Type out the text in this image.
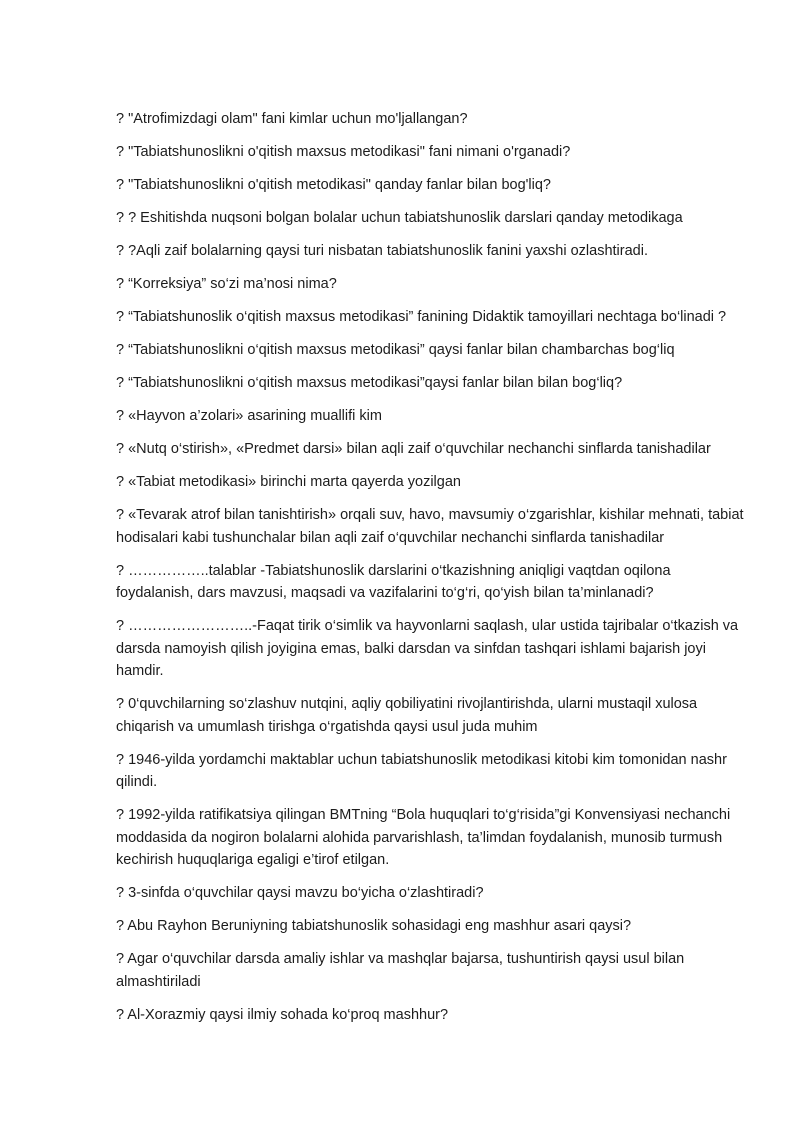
? "Atrofimizdagi olam" fani kimlar uchun mo'ljallangan?
? "Tabiatshunoslikni o'qitish maxsus metodikasi" fani nimani o'rganadi?
? "Tabiatshunoslikni o'qitish metodikasi" qanday fanlar bilan bog'liq?
? ? Eshitishda nuqsoni bolgan bolalar uchun tabiatshunoslik darslari qanday metodikaga
? ?Aqli zaif bolalarning qaysi turi nisbatan tabiatshunoslik fanini yaxshi ozlashtiradi.
? “Korreksiya” so‘zi ma’nosi nima?
? “Tabiatshunoslik o‘qitish maxsus metodikasi” fanining Didaktik tamoyillari nechtaga bo‘linadi ?
? “Tabiatshunoslikni o‘qitish maxsus metodikasi” qaysi fanlar bilan chambarchas bog‘liq
? “Tabiatshunoslikni o‘qitish maxsus metodikasi”qaysi fanlar bilan bilan bog‘liq?
? «Hayvon a’zolari» asarining muallifi kim
? «Nutq o‘stirish», «Predmet darsi» bilan aqli zaif o‘quvchilar nechanchi sinflarda tanishadilar
? «Tabiat metodikasi» birinchi marta qayerda yozilgan
? «Tevarak atrof bilan tanishtirish» orqali suv, havo, mavsumiy o‘zgarishlar, kishilar mehnati, tabiat hodisalari kabi tushunchalar bilan aqli zaif o‘quvchilar nechanchi sinflarda tanishadilar
? ……………..talablar -Tabiatshunoslik darslarini o‘tkazishning aniqligi vaqtdan oqilona foydalanish, dars mavzusi, maqsadi va vazifalarini to‘g‘ri, qo‘yish bilan ta’minlanadi?
? ……………………..-Faqat tirik o‘simlik va hayvonlarni saqlash, ular ustida tajribalar o‘tkazish va darsda namoyish qilish joyigina emas, balki darsdan va sinfdan tashqari ishlami bajarish joyi hamdir.
? 0‘quvchilarning so‘zlashuv nutqini, aqliy qobiliyatini rivojlantirishda, ularni mustaqil xulosa chiqarish va umumlash tirishga o‘rgatishda qaysi usul juda muhim
? 1946-yilda yordamchi maktablar uchun tabiatshunoslik metodikasi kitobi kim tomonidan nashr qilindi.
? 1992-yilda ratifikatsiya qilingan BMTning “Bola huquqlari to‘g‘risida”gi Konvensiyasi nechanchi moddasida da nogiron bolalarni alohida parvarishlash, ta’limdan foydalanish, munosib turmush kechirish huquqlariga egaligi e’tirof etilgan.
? 3-sinfda o‘quvchilar qaysi mavzu bo‘yicha o‘zlashtiradi?
? Abu Rayhon Beruniyning tabiatshunoslik sohasidagi eng mashhur asari qaysi?
? Agar o‘quvchilar darsda amaliy ishlar va mashqlar bajarsa, tushuntirish qaysi usul bilan almashtiriladi
? Al-Xorazmiy qaysi ilmiy sohada ko‘proq mashhur?
